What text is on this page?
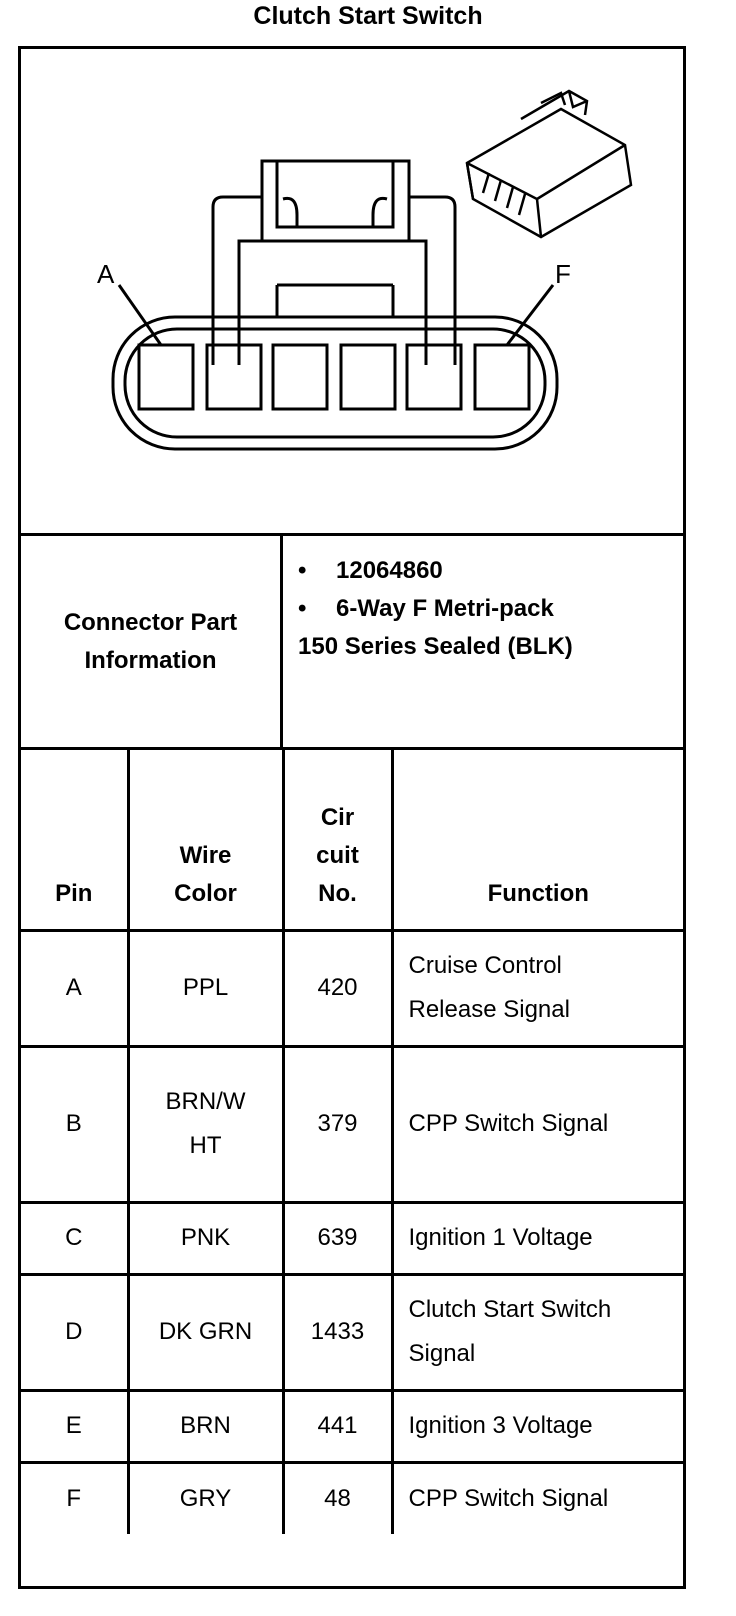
Clutch Start Switch
A	F
Connector Part Information
• 12064860
• 6-Way F Metri-pack
150 Series Sealed (BLK)
Pin	Wire Color	Cir cuit No.	Function
A	PPL	420	Cruise Control Release Signal

B	BRN/W HT	379	CPP Switch Signal
C	PNK	639	Ignition 1 Voltage
D	DK GRN	1433	Clutch Start Switch Signal

E	BRN	441	Ignition 3 Voltage
F	GRY	48	CPP Switch Signal
